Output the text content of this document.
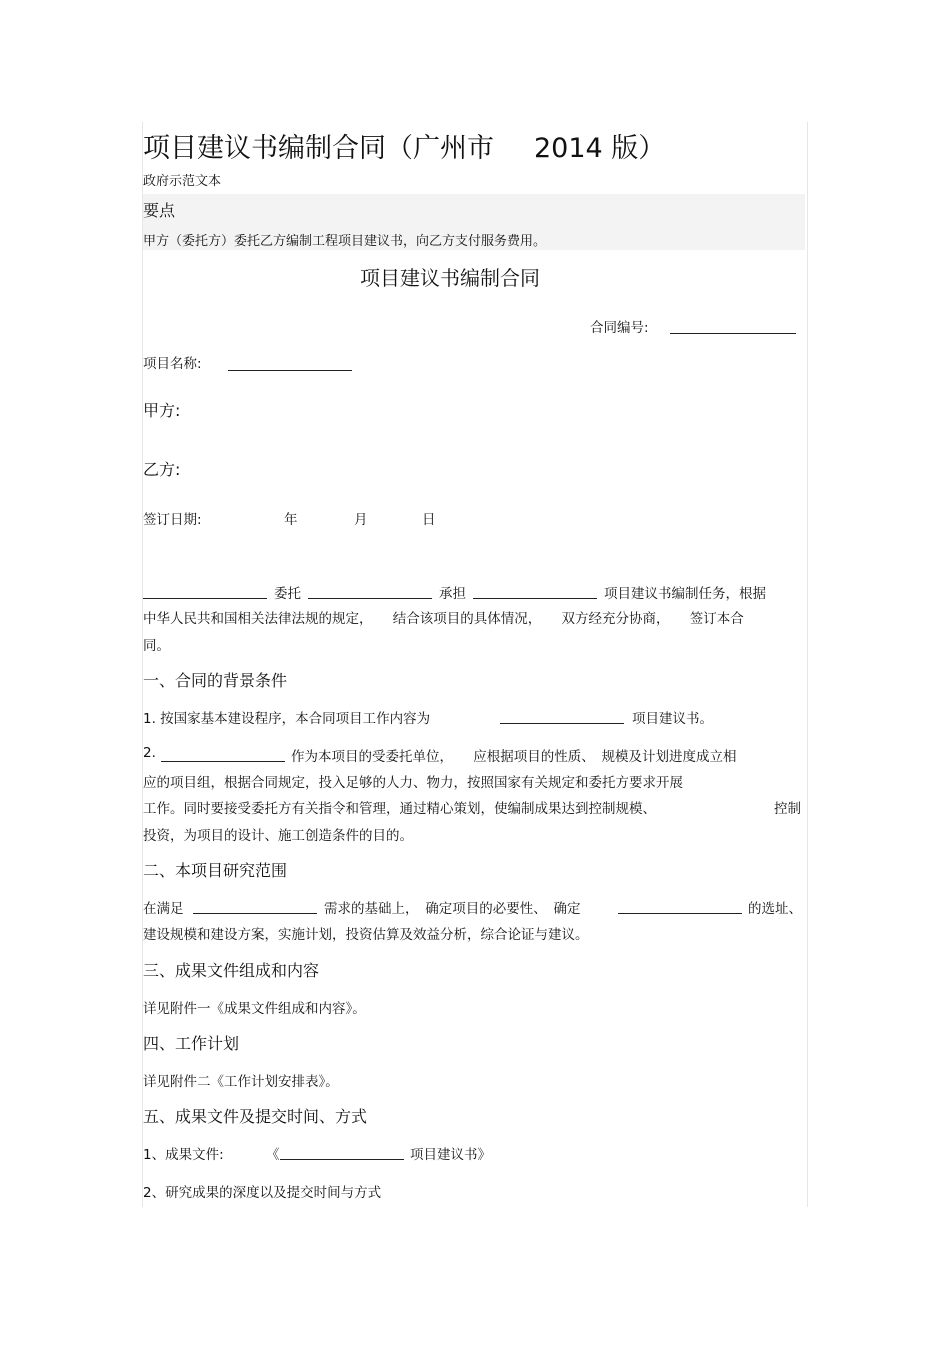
项目建议书编制合同（广州市 2014 版）
政府示范文本
要点
甲方（委托方）委托乙方编制工程项目建议书，向乙方支付服务费用。
项目建议书编制合同
合同编号:
项目名称:
甲方:
乙方:
签订日期:	年	月	日
委托	承担	项目建议书编制任务，根据
中华人民共和国相关法律法规的规定，　　结合该项目的具体情况，　　双方经充分协商，　　签订本合
同。
一、合同的背景条件
1. 按国家基本建设程序，本合同项目工作内容为	项目建议书。
2.	作为本项目的受委托单位，　　应根据项目的性质、　规模及计划进度成立相
应的项目组，根据合同规定，投入足够的人力、物力，按照国家有关规定和委托方要求开展
工作。同时要接受委托方有关指令和管理，通过精心策划，使编制成果达到控制规模、	控制
投资，为项目的设计、施工创造条件的目的。
二、本项目研究范围
在满足	需求的基础上，　确定项目的必要性、　确定	的选址、
建设规模和建设方案，实施计划，投资估算及效益分析，综合论证与建议。
三、成果文件组成和内容
详见附件一《成果文件组成和内容》。
四、工作计划
详见附件二《工作计划安排表》。
五、成果文件及提交时间、方式
1、成果文件:	《	项目建议书》
2、研究成果的深度以及提交时间与方式
